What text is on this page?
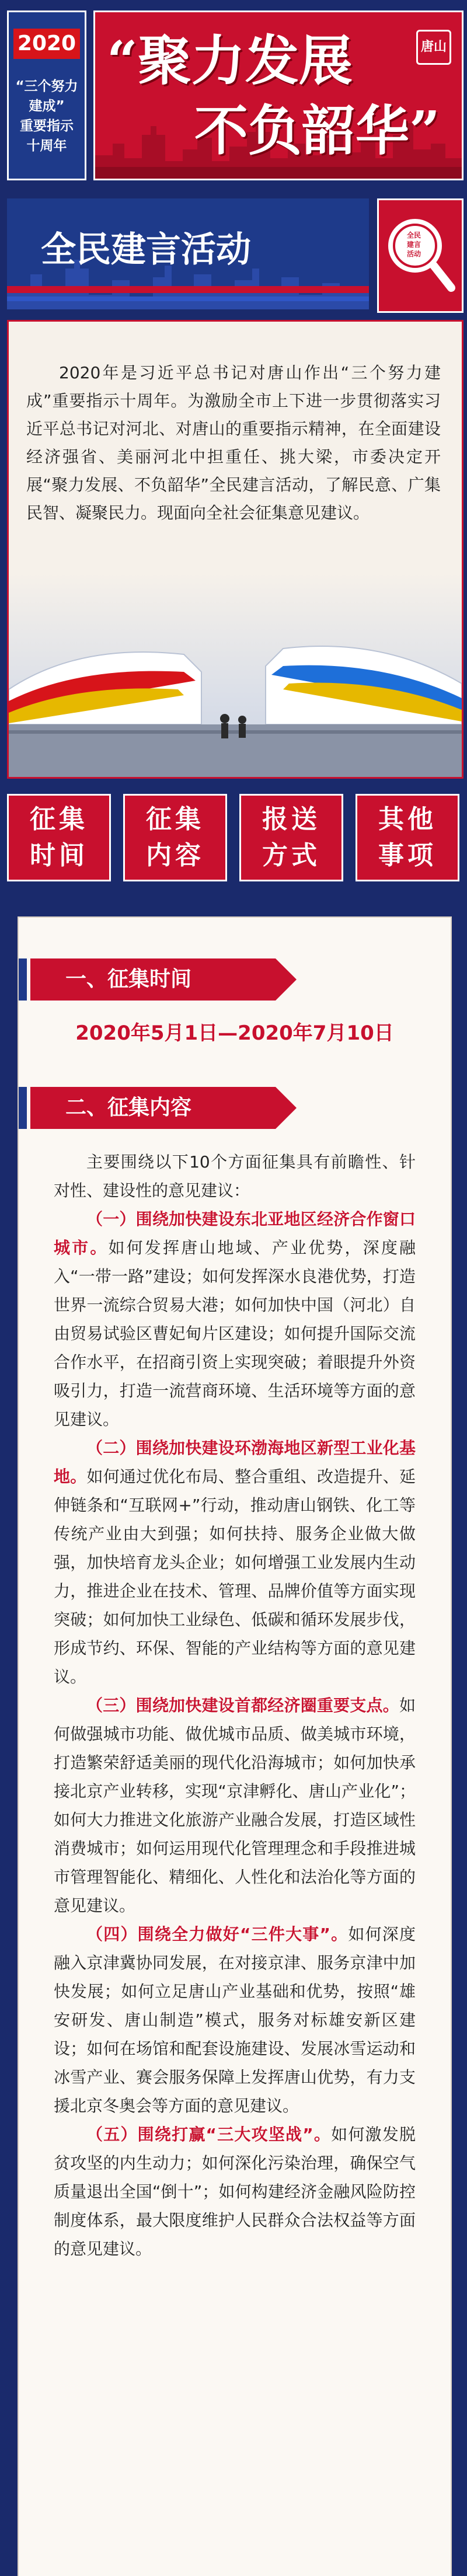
2020
“三个努力
建成”
重要指示
十周年
唐山
“聚力发展
不负韶华”
全民建言活动	全民
建言
活动

2020年是习近平总书记对唐山作出“三个努力建成”重要指示十周年。为激励全市上下进一步贯彻落实习近平总书记对河北、对唐山的重要指示精神，在全面建设经济强省、美丽河北中担重任、挑大梁，市委决定开展“聚力发展、不负韶华”全民建言活动，了解民意、广集民智、凝聚民力。现面向全社会征集意见建议。

征集
时间
征集
内容
报送
方式
其他
事项
一、征集时间
2020年5月1日—2020年7月10日
二、征集内容

主要围绕以下10个方面征集具有前瞻性、针对性、建设性的意见建议：

（一）围绕加快建设东北亚地区经济合作窗口城市。如何发挥唐山地域、产业优势，深度融入“一带一路”建设；如何发挥深水良港优势，打造世界一流综合贸易大港；如何加快中国（河北）自由贸易试验区曹妃甸片区建设；如何提升国际交流合作水平，在招商引资上实现突破；着眼提升外资吸引力，打造一流营商环境、生活环境等方面的意见建议。

（二）围绕加快建设环渤海地区新型工业化基地。如何通过优化布局、整合重组、改造提升、延伸链条和“互联网+”行动，推动唐山钢铁、化工等传统产业由大到强；如何扶持、服务企业做大做强，加快培育龙头企业；如何增强工业发展内生动力，推进企业在技术、管理、品牌价值等方面实现突破；如何加快工业绿色、低碳和循环发展步伐，形成节约、环保、智能的产业结构等方面的意见建议。

（三）围绕加快建设首都经济圈重要支点。如何做强城市功能、做优城市品质、做美城市环境，打造繁荣舒适美丽的现代化沿海城市；如何加快承接北京产业转移，实现“京津孵化、唐山产业化”；如何大力推进文化旅游产业融合发展，打造区域性消费城市；如何运用现代化管理理念和手段推进城市管理智能化、精细化、人性化和法治化等方面的意见建议。

（四）围绕全力做好“三件大事”。如何深度融入京津冀协同发展，在对接京津、服务京津中加快发展；如何立足唐山产业基础和优势，按照“雄安研发、唐山制造”模式，服务对标雄安新区建设；如何在场馆和配套设施建设、发展冰雪运动和冰雪产业、赛会服务保障上发挥唐山优势，有力支援北京冬奥会等方面的意见建议。

（五）围绕打赢“三大攻坚战”。如何激发脱贫攻坚的内生动力；如何深化污染治理，确保空气质量退出全国“倒十”；如何构建经济金融风险防控制度体系，最大限度维护人民群众合法权益等方面的意见建议。
